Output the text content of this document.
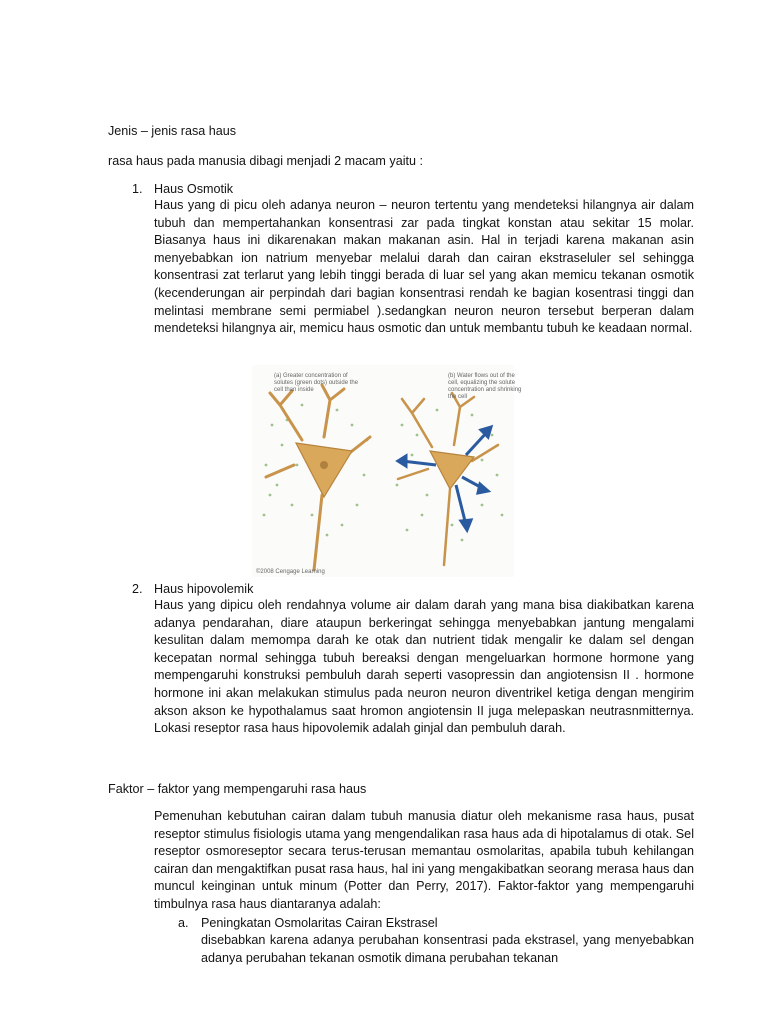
Jenis – jenis rasa haus

rasa haus pada manusia dibagi menjadi 2 macam yaitu :

1. Haus Osmotik

Haus yang di picu oleh adanya neuron – neuron tertentu yang mendeteksi hilangnya air dalam tubuh dan mempertahankan konsentrasi zar pada tingkat konstan atau sekitar 15 molar. Biasanya haus ini dikarenakan makan makanan asin. Hal in terjadi karena makanan asin menyebabkan ion natrium menyebar melalui darah dan cairan ekstraseluler sel sehingga konsentrasi zat terlarut yang lebih tinggi berada di luar sel yang akan memicu tekanan osmotik (kecenderungan air perpindah dari bagian konsentrasi rendah ke bagian kosentrasi tinggi dan melintasi membrane semi permiabel ).sedangkan neuron neuron tersebut berperan dalam mendeteksi hilangnya air, memicu haus osmotic dan untuk membantu tubuh ke keadaan normal.

(a) Greater concentration of solutes (green dots) outside the cell than inside
(b) Water flows out of the cell, equalizing the solute concentration and shrinking the cell
©2008 Cengage Learning
2. Haus hipovolemik

Haus yang dipicu oleh rendahnya volume air dalam darah yang mana bisa diakibatkan karena adanya pendarahan, diare ataupun berkeringat sehingga menyebabkan jantung mengalami kesulitan dalam memompa darah ke otak dan nutrient tidak mengalir ke dalam sel dengan kecepatan normal sehingga tubuh bereaksi dengan mengeluarkan hormone hormone yang mempengaruhi konstruksi pembuluh darah seperti vasopressin dan angiotensisn II . hormone hormone ini akan melakukan stimulus pada neuron neuron diventrikel ketiga dengan mengirim akson akson ke hypothalamus saat hromon angiotensin II juga melepaskan neutrasnmitternya. Lokasi reseptor rasa haus hipovolemik adalah ginjal dan pembuluh darah.

Faktor – faktor yang mempengaruhi rasa haus

Pemenuhan kebutuhan cairan dalam tubuh manusia diatur oleh mekanisme rasa haus, pusat reseptor stimulus fisiologis utama yang mengendalikan rasa haus ada di hipotalamus di otak. Sel reseptor osmoreseptor secara terus-terusan memantau osmolaritas, apabila tubuh kehilangan cairan dan mengaktifkan pusat rasa haus, hal ini yang mengakibatkan seorang merasa haus dan muncul keinginan untuk minum (Potter dan Perry, 2017). Faktor-faktor yang mempengaruhi timbulnya rasa haus diantaranya adalah:

a. Peningkatan Osmolaritas Cairan Ekstrasel

disebabkan karena adanya perubahan konsentrasi pada ekstrasel, yang menyebabkan adanya perubahan tekanan osmotik dimana perubahan tekanan
